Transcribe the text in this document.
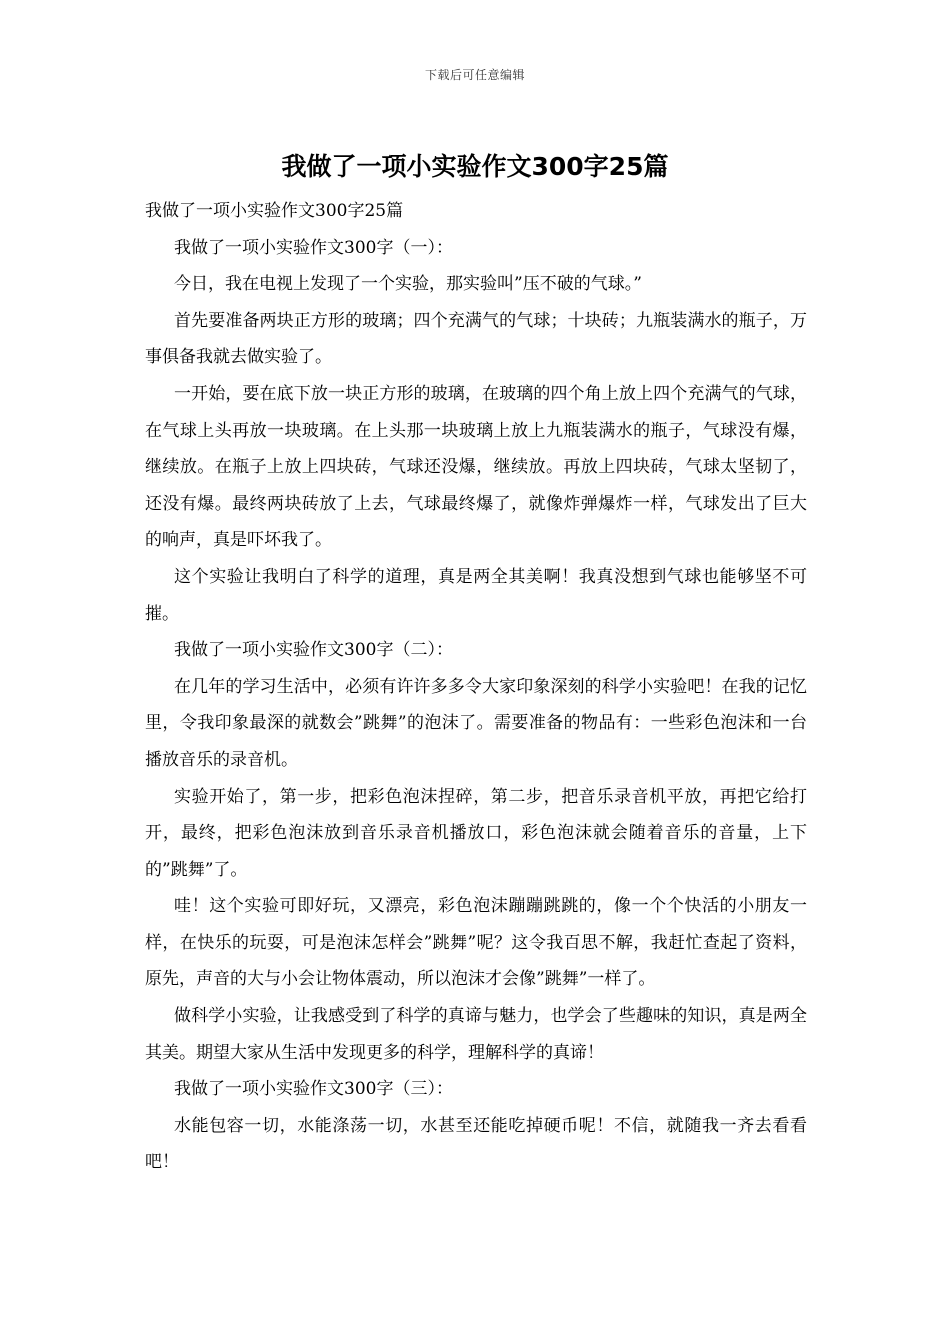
下载后可任意编辑
我做了一项小实验作文300字25篇

我做了一项小实验作文300字25篇

我做了一项小实验作文300字（一）：

今日，我在电视上发现了一个实验，那实验叫”压不破的气球。”

首先要准备两块正方形的玻璃；四个充满气的气球；十块砖；九瓶装满水的瓶子，万事俱备我就去做实验了。

一开始，要在底下放一块正方形的玻璃，在玻璃的四个角上放上四个充满气的气球，在气球上头再放一块玻璃。在上头那一块玻璃上放上九瓶装满水的瓶子，气球没有爆，继续放。在瓶子上放上四块砖，气球还没爆，继续放。再放上四块砖，气球太坚韧了，还没有爆。最终两块砖放了上去，气球最终爆了，就像炸弹爆炸一样，气球发出了巨大的响声，真是吓坏我了。

这个实验让我明白了科学的道理，真是两全其美啊！我真没想到气球也能够坚不可摧。

我做了一项小实验作文300字（二）：

在几年的学习生活中，必须有许许多多令大家印象深刻的科学小实验吧！在我的记忆里，令我印象最深的就数会”跳舞”的泡沫了。需要准备的物品有：一些彩色泡沫和一台播放音乐的录音机。

实验开始了，第一步，把彩色泡沫捏碎，第二步，把音乐录音机平放，再把它给打开，最终，把彩色泡沫放到音乐录音机播放口，彩色泡沫就会随着音乐的音量，上下的”跳舞”了。

哇！这个实验可即好玩，又漂亮，彩色泡沫蹦蹦跳跳的，像一个个快活的小朋友一样，在快乐的玩耍，可是泡沫怎样会”跳舞”呢？这令我百思不解，我赶忙查起了资料，原先，声音的大与小会让物体震动，所以泡沫才会像”跳舞”一样了。

做科学小实验，让我感受到了科学的真谛与魅力，也学会了些趣味的知识，真是两全其美。期望大家从生活中发现更多的科学，理解科学的真谛！

我做了一项小实验作文300字（三）：

水能包容一切，水能涤荡一切，水甚至还能吃掉硬币呢！不信，就随我一齐去看看吧！
